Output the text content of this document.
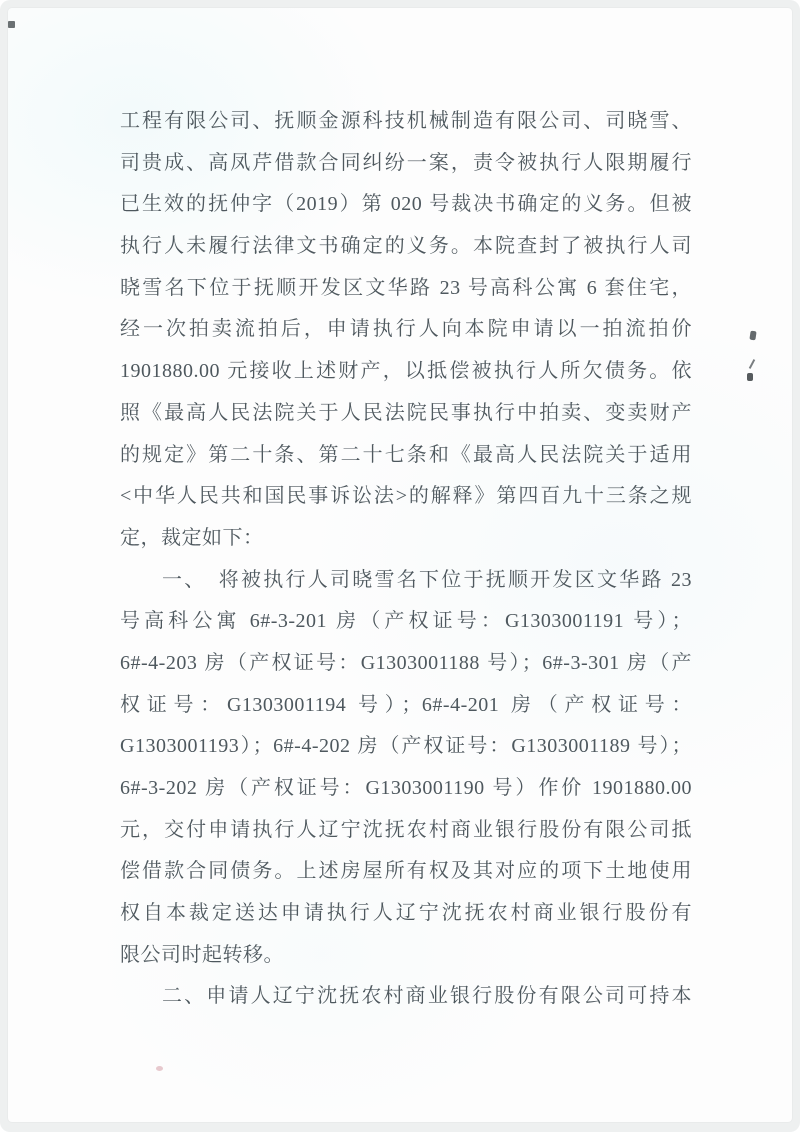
工程有限公司、抚顺金源科技机械制造有限公司、司晓雪、
司贵成、高凤芹借款合同纠纷一案，责令被执行人限期履行
已生效的抚仲字（2019）第 020 号裁决书确定的义务。但被
执行人未履行法律文书确定的义务。本院查封了被执行人司
晓雪名下位于抚顺开发区文华路 23 号高科公寓 6 套住宅，
经一次拍卖流拍后，申请执行人向本院申请以一拍流拍价
1901880.00 元接收上述财产，以抵偿被执行人所欠债务。依
照《最高人民法院关于人民法院民事执行中拍卖、变卖财产
的规定》第二十条、第二十七条和《最高人民法院关于适用
<中华人民共和国民事诉讼法>的解释》第四百九十三条之规
定，裁定如下：
一、　将被执行人司晓雪名下位于抚顺开发区文华路 23
号高科公寓 6#-3-201 房（产权证号：G1303001191 号）；
6#-4-203 房（产权证号：G1303001188 号）；6#-3-301 房（产
权证号：G1303001194 号）；6#-4-201 房（产权证号：
G1303001193）；6#-4-202 房（产权证号：G1303001189 号）；
6#-3-202 房（产权证号：G1303001190 号）作价 1901880.00
元，交付申请执行人辽宁沈抚农村商业银行股份有限公司抵
偿借款合同债务。上述房屋所有权及其对应的项下土地使用
权自本裁定送达申请执行人辽宁沈抚农村商业银行股份有
限公司时起转移。
二、申请人辽宁沈抚农村商业银行股份有限公司可持本
